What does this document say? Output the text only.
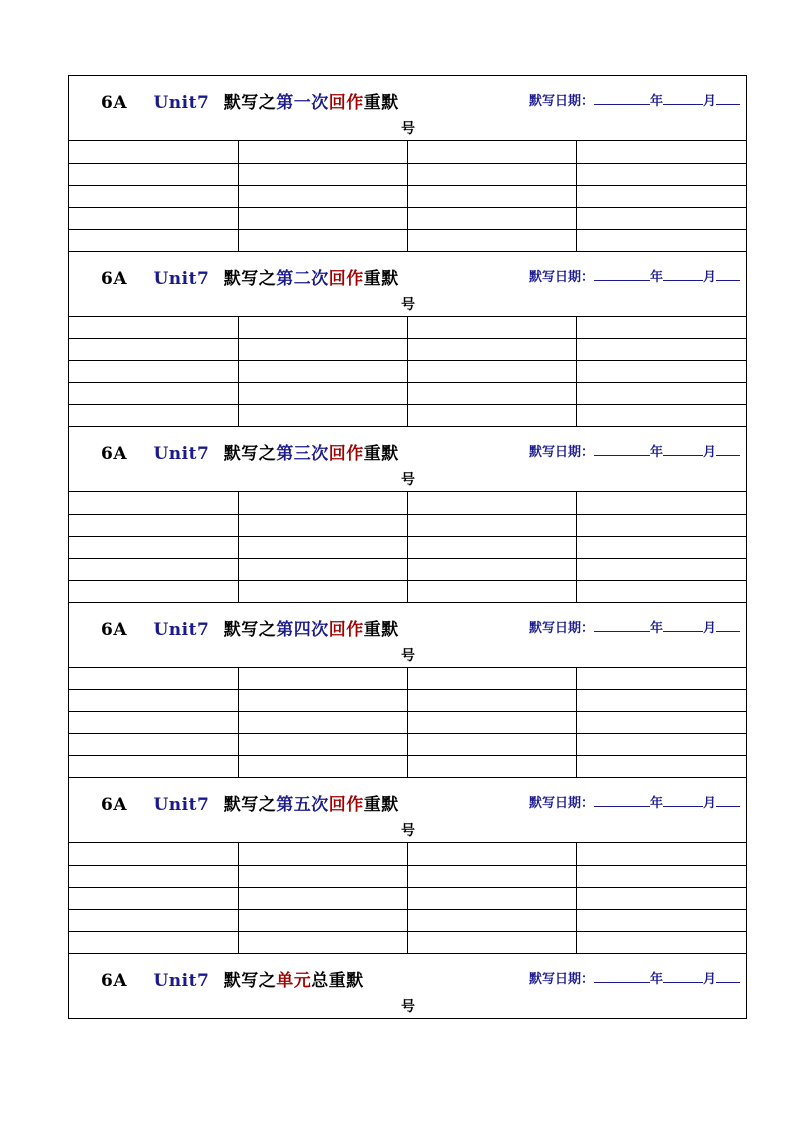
6A Unit7 默写之第一次回作重默	默写日期：	年	月
号

6A Unit7 默写之第二次回作重默	默写日期：	年	月
号

6A Unit7 默写之第三次回作重默	默写日期：	年	月
号

6A Unit7 默写之第四次回作重默	默写日期：	年	月
号

6A Unit7 默写之第五次回作重默	默写日期：	年	月
号

6A Unit7 默写之单元总重默	默写日期：	年	月
号
